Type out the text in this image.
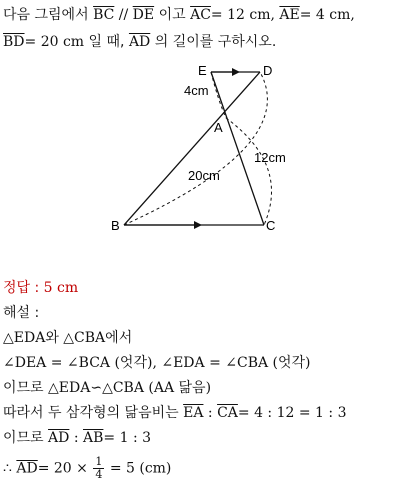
다음 그림에서 $\overline{BC} // \overline{DE}$ 이고 $\overline{AC}= 12$ cm, $\overline{AE}= 4$ cm,
$\overline{BD}= 20$ cm 일 때, $\overline{AD}$ 의 길이를 구하시오.
E	D
A
B	C
4cm
12cm
20cm
정답 : 5 cm
해설 :
△EDA와 △CBA에서
∠DEA = ∠BCA (엇각), ∠EDA = ∠CBA (엇각)
이므로 △EDA∽△CBA (AA 닮음)
따라서 두 삼각형의 닮음비는 $\overline{EA}$ : $\overline{CA}= 4$ : 12 = 1 : 3
이므로 $\overline{AD}$ : $\overline{AB}= 1$ : 3
∴ $\overline{AD}= 20 \times \frac{1}{4} = 5$ (cm)
